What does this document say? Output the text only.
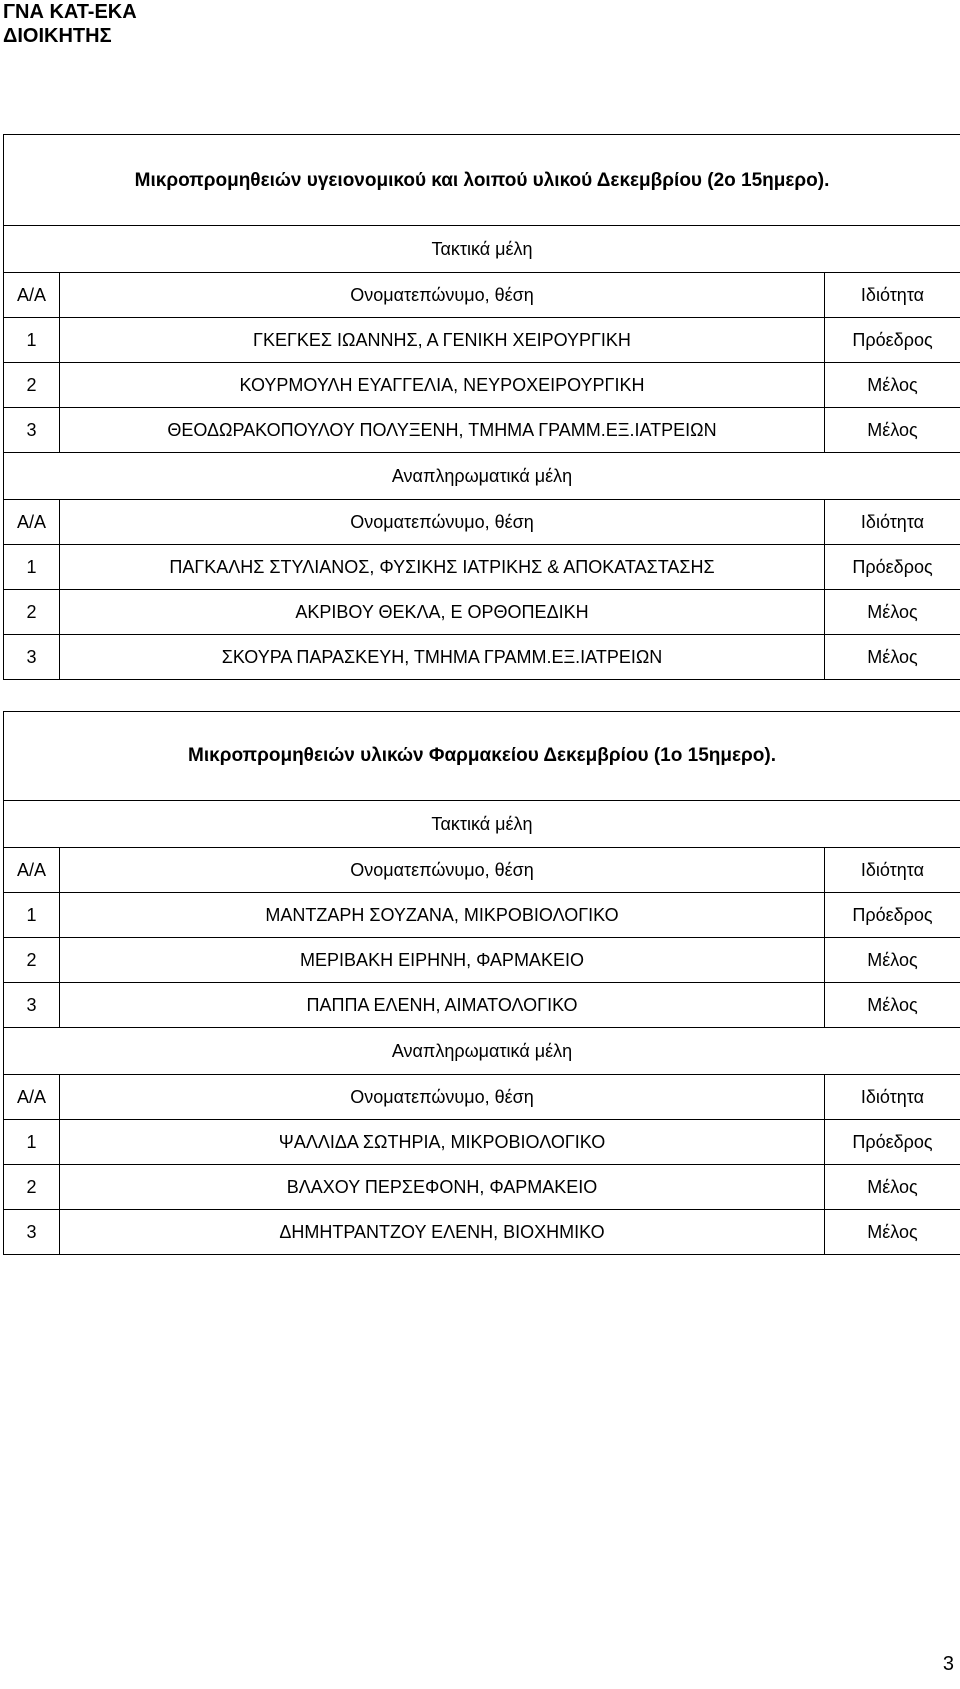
ΓΝΑ ΚΑΤ-ΕΚΑ

ΔΙΟΙΚΗΤΗΣ

Μικροπρομηθειών υγειονομικού και λοιπού υλικού Δεκεμβρίου (2ο 15ημερο).		
Τακτικά μέλη		
Α/Α	Ονοματεπώνυμο, θέση	Ιδιότητα
1	ΓΚΕΓΚΕΣ ΙΩΑΝΝΗΣ, Α ΓΕΝΙΚΗ ΧΕΙΡΟΥΡΓΙΚΗ	Πρόεδρος
2	ΚΟΥΡΜΟΥΛΗ ΕΥΑΓΓΕΛΙΑ, ΝΕΥΡΟΧΕΙΡΟΥΡΓΙΚΗ	Μέλος
3	ΘΕΟΔΩΡΑΚΟΠΟΥΛΟΥ ΠΟΛΥΞΕΝΗ, ΤΜΗΜΑ ΓΡΑΜΜ.ΕΞ.ΙΑΤΡΕΙΩΝ	Μέλος
Αναπληρωματικά μέλη		
Α/Α	Ονοματεπώνυμο, θέση	Ιδιότητα
1	ΠΑΓΚΑΛΗΣ ΣΤΥΛΙΑΝΟΣ, ΦΥΣΙΚΗΣ ΙΑΤΡΙΚΗΣ & ΑΠΟΚΑΤΑΣΤΑΣΗΣ	Πρόεδρος
2	ΑΚΡΙΒΟΥ ΘΕΚΛΑ, Ε ΟΡΘΟΠΕΔΙΚΗ	Μέλος
3	ΣΚΟΥΡΑ ΠΑΡΑΣΚΕΥΗ, ΤΜΗΜΑ ΓΡΑΜΜ.ΕΞ.ΙΑΤΡΕΙΩΝ	Μέλος
Μικροπρομηθειών υλικών Φαρμακείου Δεκεμβρίου (1ο 15ημερο).		
Τακτικά μέλη		
Α/Α	Ονοματεπώνυμο, θέση	Ιδιότητα
1	ΜΑΝΤΖΑΡΗ ΣΟΥΖΑΝΑ, ΜΙΚΡΟΒΙΟΛΟΓΙΚΟ	Πρόεδρος
2	ΜΕΡΙΒΑΚΗ ΕΙΡΗΝΗ, ΦΑΡΜΑΚΕΙΟ	Μέλος
3	ΠΑΠΠΑ ΕΛΕΝΗ, ΑΙΜΑΤΟΛΟΓΙΚΟ	Μέλος
Αναπληρωματικά μέλη		
Α/Α	Ονοματεπώνυμο, θέση	Ιδιότητα
1	ΨΑΛΛΙΔΑ ΣΩΤΗΡΙΑ, ΜΙΚΡΟΒΙΟΛΟΓΙΚΟ	Πρόεδρος
2	ΒΛΑΧΟΥ ΠΕΡΣΕΦΟΝΗ, ΦΑΡΜΑΚΕΙΟ	Μέλος
3	ΔΗΜΗΤΡΑΝΤΖΟΥ ΕΛΕΝΗ, ΒΙΟΧΗΜΙΚΟ	Μέλος

3
